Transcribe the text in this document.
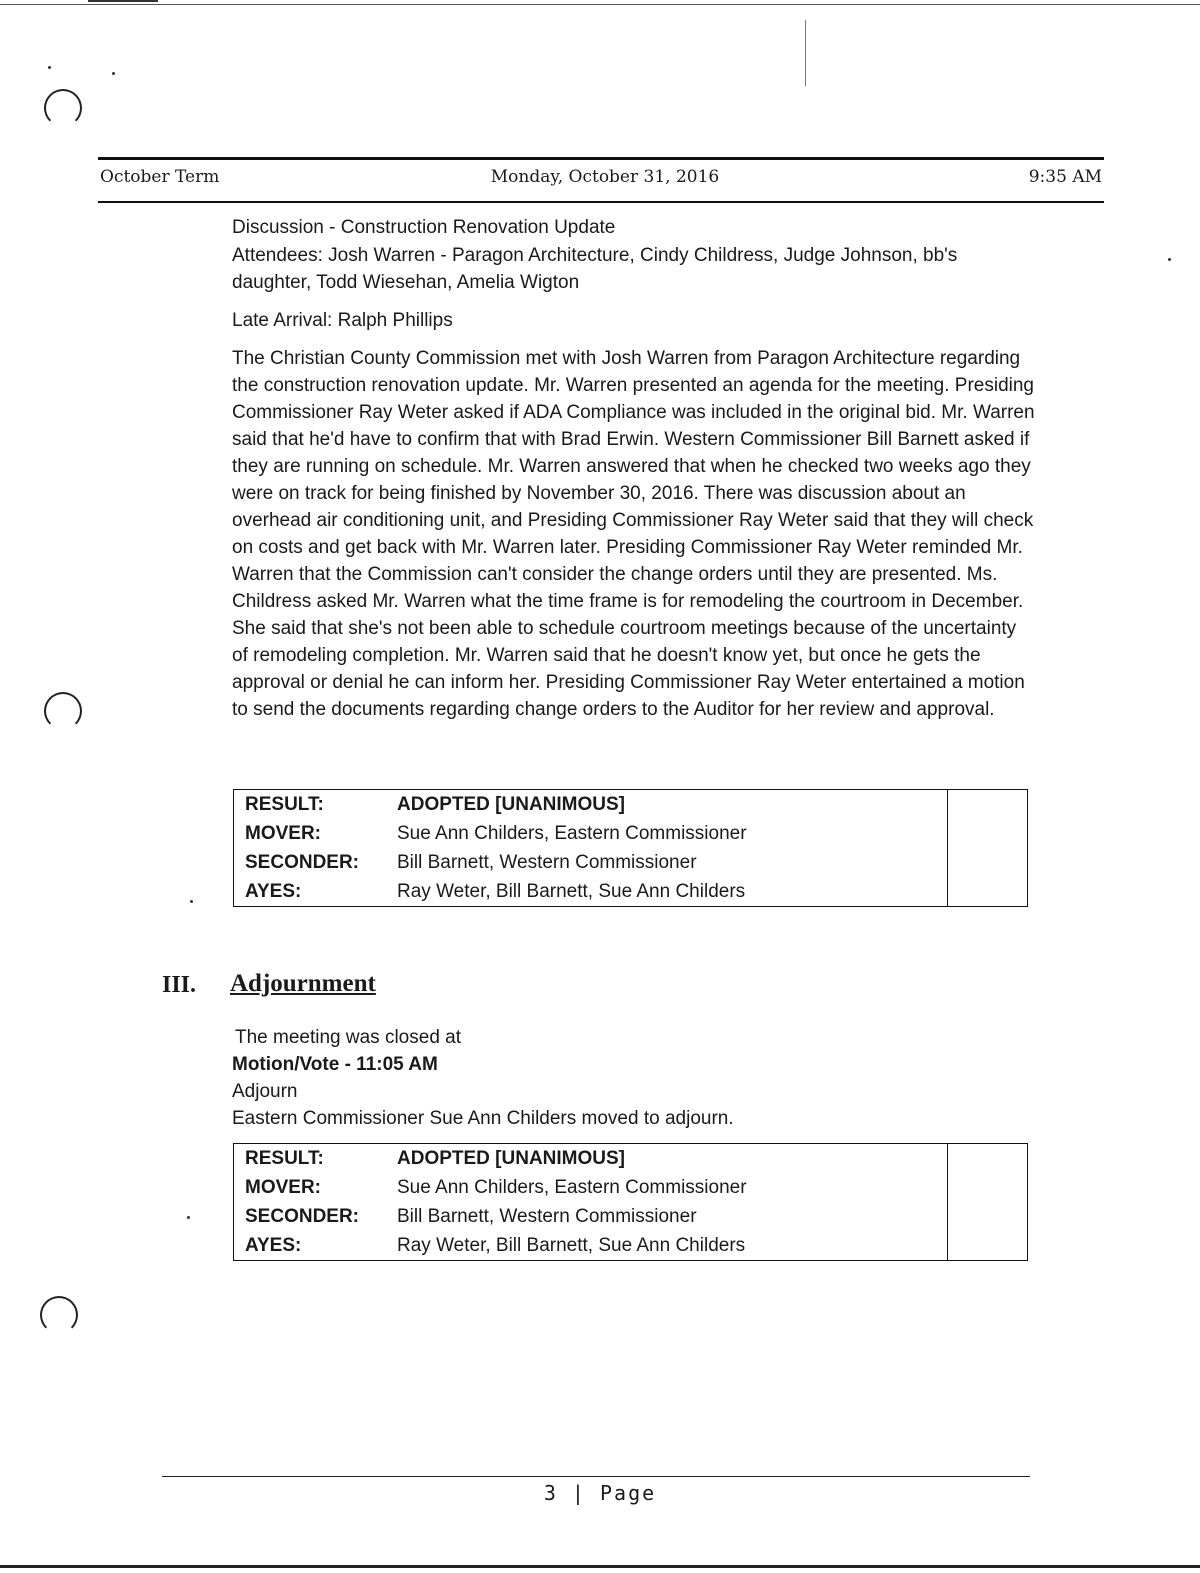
October Term	Monday, October 31, 2016	9:35 AM

Discussion - Construction Renovation Update

Attendees: Josh Warren - Paragon Architecture, Cindy Childress, Judge Johnson, bb's daughter, Todd Wiesehan, Amelia Wigton

Late Arrival: Ralph Phillips

The Christian County Commission met with Josh Warren from Paragon Architecture regarding the construction renovation update. Mr. Warren presented an agenda for the meeting. Presiding Commissioner Ray Weter asked if ADA Compliance was included in the original bid. Mr. Warren said that he'd have to confirm that with Brad Erwin. Western Commissioner Bill Barnett asked if they are running on schedule. Mr. Warren answered that when he checked two weeks ago they were on track for being finished by November 30, 2016. There was discussion about an overhead air conditioning unit, and Presiding Commissioner Ray Weter said that they will check on costs and get back with Mr. Warren later. Presiding Commissioner Ray Weter reminded Mr. Warren that the Commission can't consider the change orders until they are presented. Ms. Childress asked Mr. Warren what the time frame is for remodeling the courtroom in December. She said that she's not been able to schedule courtroom meetings because of the uncertainty of remodeling completion. Mr. Warren said that he doesn't know yet, but once he gets the approval or denial he can inform her. Presiding Commissioner Ray Weter entertained a motion to send the documents regarding change orders to the Auditor for her review and approval.

RESULT:	ADOPTED [UNANIMOUS]		
MOVER:	Sue Ann Childers, Eastern Commissioner		
SECONDER:	Bill Barnett, Western Commissioner		
AYES:	Ray Weter, Bill Barnett, Sue Ann Childers		
III. Adjournment

The meeting was closed at

Motion/Vote - 11:05 AM

Adjourn

Eastern Commissioner Sue Ann Childers moved to adjourn.

RESULT:	ADOPTED [UNANIMOUS]		
MOVER:	Sue Ann Childers, Eastern Commissioner		
SECONDER:	Bill Barnett, Western Commissioner		
AYES:	Ray Weter, Bill Barnett, Sue Ann Childers		
3 | Page
